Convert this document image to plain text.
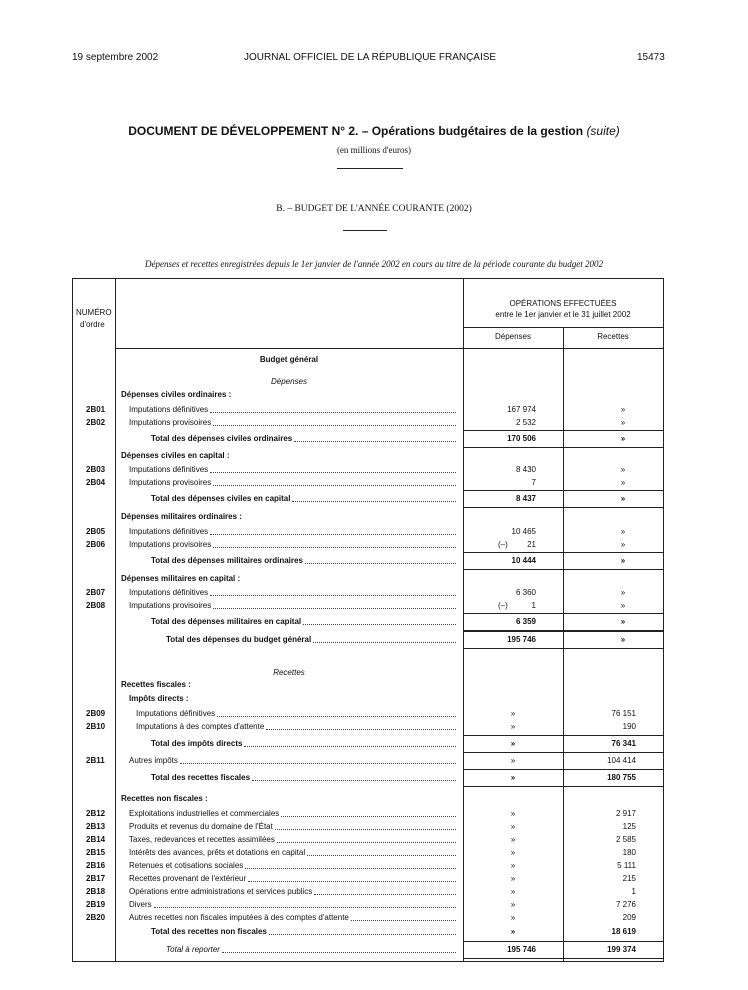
19 septembre 2002	JOURNAL OFFICIEL DE LA RÉPUBLIQUE FRANÇAISE	15473
DOCUMENT DE DÉVELOPPEMENT N° 2. – Opérations budgétaires de la gestion (suite)
(en millions d'euros)
B. – BUDGET DE L'ANNÉE COURANTE (2002)
Dépenses et recettes enregistrées depuis le 1er janvier de l'année 2002 en cours au titre de la période courante du budget 2002
NUMÉRO
d'ordre
OPÉRATIONS EFFECTUÉES
entre le 1er janvier et le 31 juillet 2002
Dépenses	Recettes
Budget général
Dépenses
Dépenses civiles ordinaires :
2B01	Imputations définitives	167 974	»
2B02	Imputations provisoires	2 532	»
Total des dépenses civiles ordinaires	170 506	»
Dépenses civiles en capital :
2B03	Imputations définitives	8 430	»
2B04	Imputations provisoires	7	»
Total des dépenses civiles en capital	8 437	»
Dépenses militaires ordinaires :
2B05	Imputations définitives	10 465	»
2B06	Imputations provisoires	(–)	21	»
Total des dépenses militaires ordinaires	10 444	»
Dépenses militaires en capital :
2B07	Imputations définitives	6 360	»
2B08	Imputations provisoires	(–)	1	»
Total des dépenses militaires en capital	6 359	»
Total des dépenses du budget général	195 746	»
Recettes
Recettes fiscales :
Impôts directs :
2B09	Imputations définitives	»	76 151
2B10	Imputations à des comptes d'attente	»	190
Total des impôts directs	»	76 341
2B11	Autres impôts	»	104 414
Total des recettes fiscales	»	180 755
Recettes non fiscales :
2B12	Exploitations industrielles et commerciales	»	2 917
2B13	Produits et revenus du domaine de l'État	»	125
2B14	Taxes, redevances et recettes assimilées	»	2 585
2B15	Intérêts des avances, prêts et dotations en capital	»	180
2B16	Retenues et cotisations sociales	»	5 111
2B17	Recettes provenant de l'extérieur	»	215
2B18	Opérations entre administrations et services publics	»	1
2B19	Divers	»	7 276
2B20	Autres recettes non fiscales imputées à des comptes d'attente	»	209
Total des recettes non fiscales	»	18 619
Total à reporter	195 746	199 374
